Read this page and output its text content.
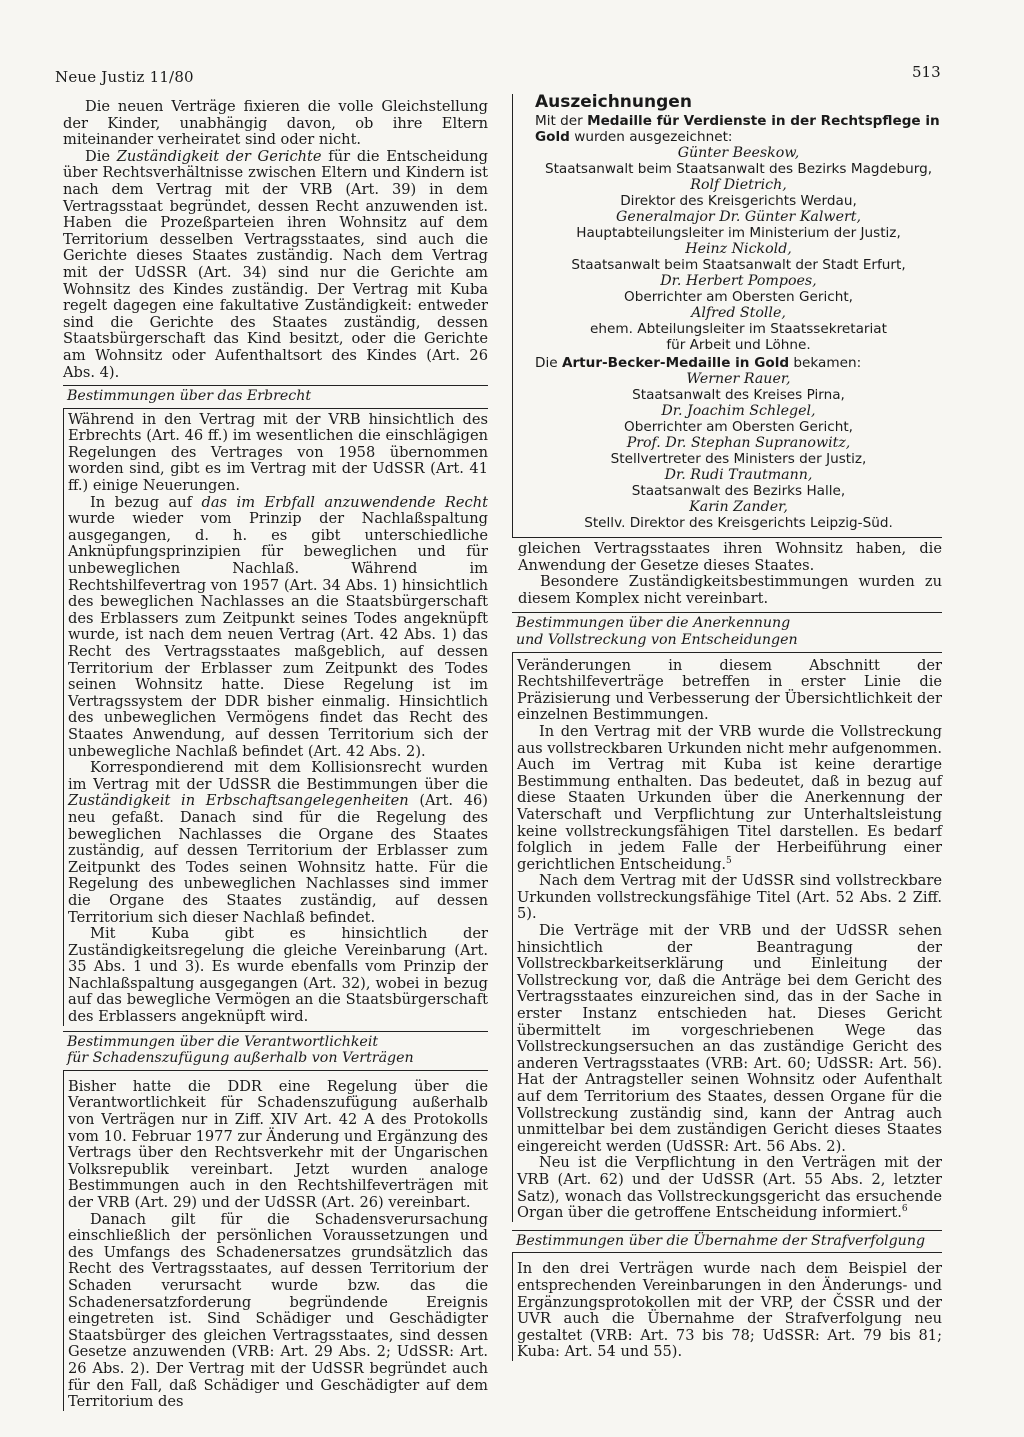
Neue Justiz 11/80	513

Die neuen Verträge fixieren die volle Gleichstellung der Kinder, unabhängig davon, ob ihre Eltern miteinander verheiratet sind oder nicht.

Die Zuständigkeit der Gerichte für die Entscheidung über Rechtsverhältnisse zwischen Eltern und Kindern ist nach dem Vertrag mit der VRB (Art. 39) in dem Vertragsstaat begründet, dessen Recht anzuwenden ist. Haben die Prozeßparteien ihren Wohnsitz auf dem Territorium desselben Vertragsstaates, sind auch die Gerichte dieses Staates zuständig. Nach dem Vertrag mit der UdSSR (Art. 34) sind nur die Gerichte am Wohnsitz des Kindes zuständig. Der Vertrag mit Kuba regelt dagegen eine fakultative Zuständigkeit: entweder sind die Gerichte des Staates zuständig, dessen Staatsbürgerschaft das Kind besitzt, oder die Gerichte am Wohnsitz oder Aufenthaltsort des Kindes (Art. 26 Abs. 4).

Bestimmungen über das Erbrecht

Während in den Vertrag mit der VRB hinsichtlich des Erbrechts (Art. 46 ff.) im wesentlichen die einschlägigen Regelungen des Vertrages von 1958 übernommen worden sind, gibt es im Vertrag mit der UdSSR (Art. 41 ff.) einige Neuerungen.

In bezug auf das im Erbfall anzuwendende Recht wurde wieder vom Prinzip der Nachlaßspaltung ausgegangen, d. h. es gibt unterschiedliche Anknüpfungsprinzipien für beweglichen und für unbeweglichen Nachlaß. Während im Rechtshilfevertrag von 1957 (Art. 34 Abs. 1) hinsichtlich des beweglichen Nachlasses an die Staatsbürgerschaft des Erblassers zum Zeitpunkt seines Todes angeknüpft wurde, ist nach dem neuen Vertrag (Art. 42 Abs. 1) das Recht des Vertragsstaates maßgeblich, auf dessen Territorium der Erblasser zum Zeitpunkt des Todes seinen Wohnsitz hatte. Diese Regelung ist im Vertragssystem der DDR bisher einmalig. Hinsichtlich des unbeweglichen Vermögens findet das Recht des Staates Anwendung, auf dessen Territorium sich der unbewegliche Nachlaß befindet (Art. 42 Abs. 2).

Korrespondierend mit dem Kollisionsrecht wurden im Vertrag mit der UdSSR die Bestimmungen über die Zuständigkeit in Erbschaftsangelegenheiten (Art. 46) neu gefaßt. Danach sind für die Regelung des beweglichen Nachlasses die Organe des Staates zuständig, auf dessen Territorium der Erblasser zum Zeitpunkt des Todes seinen Wohnsitz hatte. Für die Regelung des unbeweglichen Nachlasses sind immer die Organe des Staates zuständig, auf dessen Territorium sich dieser Nachlaß befindet.

Mit Kuba gibt es hinsichtlich der Zuständigkeitsregelung die gleiche Vereinbarung (Art. 35 Abs. 1 und 3). Es wurde ebenfalls vom Prinzip der Nachlaßspaltung ausgegangen (Art. 32), wobei in bezug auf das bewegliche Vermögen an die Staatsbürgerschaft des Erblassers angeknüpft wird.

Bestimmungen über die Verantwortlichkeit
für Schadenszufügung außerhalb von Verträgen

Bisher hatte die DDR eine Regelung über die Verantwortlichkeit für Schadenszufügung außerhalb von Verträgen nur in Ziff. XIV Art. 42 A des Protokolls vom 10. Februar 1977 zur Änderung und Ergänzung des Vertrags über den Rechtsverkehr mit der Ungarischen Volksrepublik vereinbart. Jetzt wurden analoge Bestimmungen auch in den Rechtshilfeverträgen mit der VRB (Art. 29) und der UdSSR (Art. 26) vereinbart.

Danach gilt für die Schadensverursachung einschließlich der persönlichen Voraussetzungen und des Umfangs des Schadenersatzes grundsätzlich das Recht des Vertragsstaates, auf dessen Territorium der Schaden verursacht wurde bzw. das die Schadenersatzforderung begründende Ereignis eingetreten ist. Sind Schädiger und Geschädigter Staatsbürger des gleichen Vertragsstaates, sind dessen Gesetze anzuwenden (VRB: Art. 29 Abs. 2; UdSSR: Art. 26 Abs. 2). Der Vertrag mit der UdSSR begründet auch für den Fall, daß Schädiger und Geschädigter auf dem Territorium des

Auszeichnungen

Mit der Medaille für Verdienste in der Rechtspflege in Gold wurden ausgezeichnet:

Günter Beeskow,
Staatsanwalt beim Staatsanwalt des Bezirks Magdeburg,
Rolf Dietrich,
Direktor des Kreisgerichts Werdau,
Generalmajor Dr. Günter Kalwert,
Hauptabteilungsleiter im Ministerium der Justiz,
Heinz Nickold,
Staatsanwalt beim Staatsanwalt der Stadt Erfurt,
Dr. Herbert Pompoes,
Oberrichter am Obersten Gericht,
Alfred Stolle,
ehem. Abteilungsleiter im Staatssekretariat
für Arbeit und Löhne.

Die Artur-Becker-Medaille in Gold bekamen:

Werner Rauer,
Staatsanwalt des Kreises Pirna,
Dr. Joachim Schlegel,
Oberrichter am Obersten Gericht,
Prof. Dr. Stephan Supranowitz,
Stellvertreter des Ministers der Justiz,
Dr. Rudi Trautmann,
Staatsanwalt des Bezirks Halle,
Karin Zander,
Stellv. Direktor des Kreisgerichts Leipzig-Süd.

gleichen Vertragsstaates ihren Wohnsitz haben, die Anwendung der Gesetze dieses Staates.

Besondere Zuständigkeitsbestimmungen wurden zu diesem Komplex nicht vereinbart.

Bestimmungen über die Anerkennung
und Vollstreckung von Entscheidungen

Veränderungen in diesem Abschnitt der Rechtshilfeverträge betreffen in erster Linie die Präzisierung und Verbesserung der Übersichtlichkeit der einzelnen Bestimmungen.

In den Vertrag mit der VRB wurde die Vollstreckung aus vollstreckbaren Urkunden nicht mehr aufgenommen. Auch im Vertrag mit Kuba ist keine derartige Bestimmung enthalten. Das bedeutet, daß in bezug auf diese Staaten Urkunden über die Anerkennung der Vaterschaft und Verpflichtung zur Unterhaltsleistung keine vollstreckungsfähigen Titel darstellen. Es bedarf folglich in jedem Falle der Herbeiführung einer gerichtlichen Entscheidung.$^5$

Nach dem Vertrag mit der UdSSR sind vollstreckbare Urkunden vollstreckungsfähige Titel (Art. 52 Abs. 2 Ziff. 5).

Die Verträge mit der VRB und der UdSSR sehen hinsichtlich der Beantragung der Vollstreckbarkeitserklärung und Einleitung der Vollstreckung vor, daß die Anträge bei dem Gericht des Vertragsstaates einzureichen sind, das in der Sache in erster Instanz entschieden hat. Dieses Gericht übermittelt im vorgeschriebenen Wege das Vollstreckungsersuchen an das zuständige Gericht des anderen Vertragsstaates (VRB: Art. 60; UdSSR: Art. 56). Hat der Antragsteller seinen Wohnsitz oder Aufenthalt auf dem Territorium des Staates, dessen Organe für die Vollstreckung zuständig sind, kann der Antrag auch unmittelbar bei dem zuständigen Gericht dieses Staates eingereicht werden (UdSSR: Art. 56 Abs. 2).

Neu ist die Verpflichtung in den Verträgen mit der VRB (Art. 62) und der UdSSR (Art. 55 Abs. 2, letzter Satz), wonach das Vollstreckungsgericht das ersuchende Organ über die getroffene Entscheidung informiert.$^6$

Bestimmungen über die Übernahme der Strafverfolgung

In den drei Verträgen wurde nach dem Beispiel der entsprechenden Vereinbarungen in den Änderungs- und Ergänzungsprotokollen mit der VRP, der ČSSR und der UVR auch die Übernahme der Strafverfolgung neu gestaltet (VRB: Art. 73 bis 78; UdSSR: Art. 79 bis 81; Kuba: Art. 54 und 55).
